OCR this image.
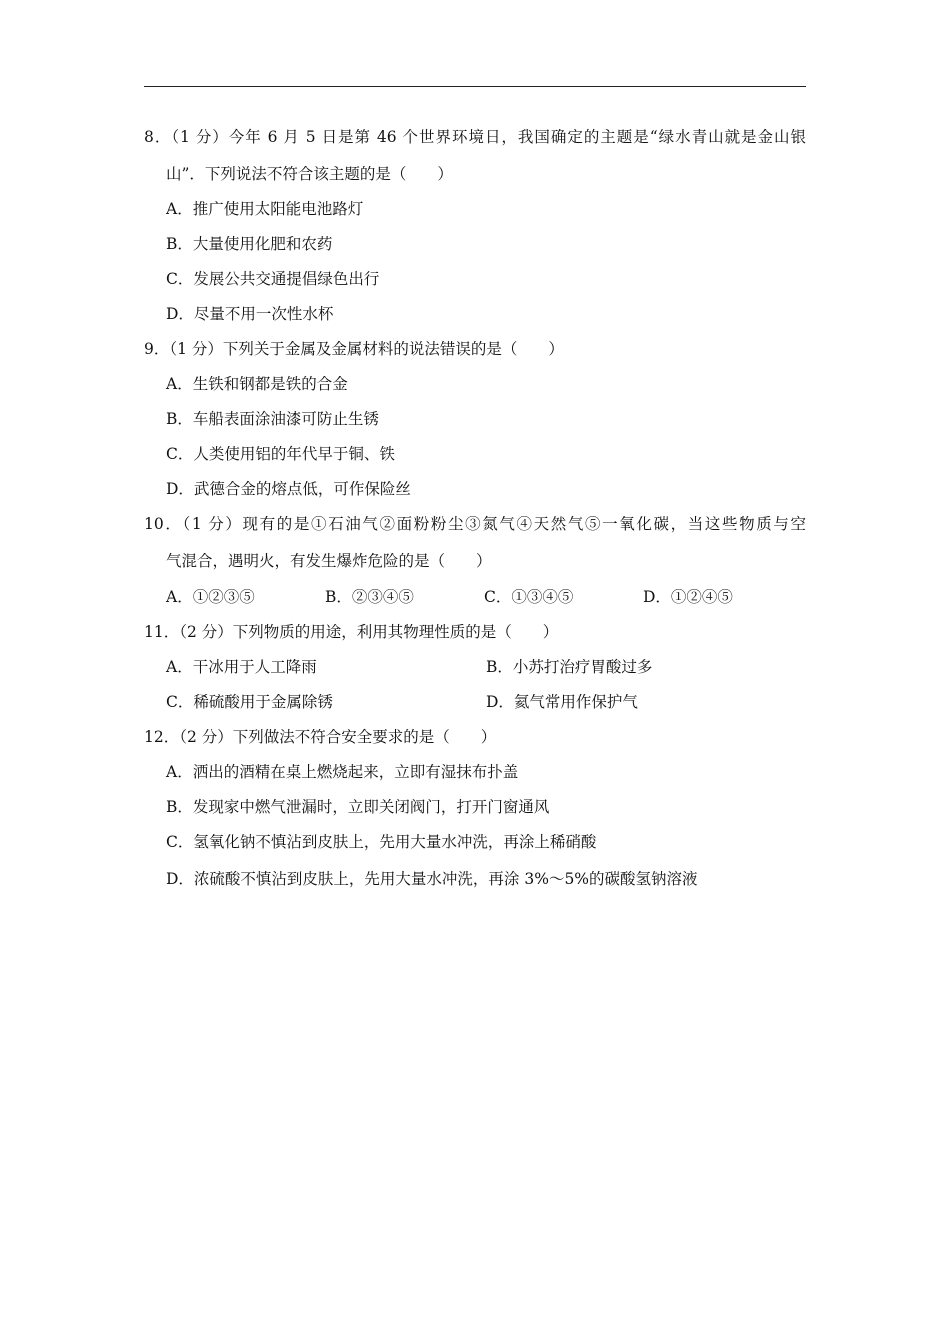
8．（1 分）今年 6 月 5 日是第 46 个世界环境日，我国确定的主题是“绿水青山就是金山银
山”．下列说法不符合该主题的是（　　）
A．推广使用太阳能电池路灯
B．大量使用化肥和农药
C．发展公共交通提倡绿色出行
D．尽量不用一次性水杯
9．（1 分）下列关于金属及金属材料的说法错误的是（　　）
A．生铁和钢都是铁的合金
B．车船表面涂油漆可防止生锈
C．人类使用铝的年代早于铜、铁
D．武德合金的熔点低，可作保险丝
10．（1 分）现有的是①石油气②面粉粉尘③氮气④天然气⑤一氧化碳，当这些物质与空
气混合，遇明火，有发生爆炸危险的是（　　）
A．①②③⑤	B．②③④⑤	C．①③④⑤	D．①②④⑤
11．（2 分）下列物质的用途，利用其物理性质的是（　　）
A．干冰用于人工降雨	B．小苏打治疗胃酸过多
C．稀硫酸用于金属除锈	D．氦气常用作保护气
12．（2 分）下列做法不符合安全要求的是（　　）
A．洒出的酒精在桌上燃烧起来，立即有湿抹布扑盖
B．发现家中燃气泄漏时，立即关闭阀门，打开门窗通风
C．氢氧化钠不慎沾到皮肤上，先用大量水冲洗，再涂上稀硝酸
D．浓硫酸不慎沾到皮肤上，先用大量水冲洗，再涂 3%～5%的碳酸氢钠溶液
